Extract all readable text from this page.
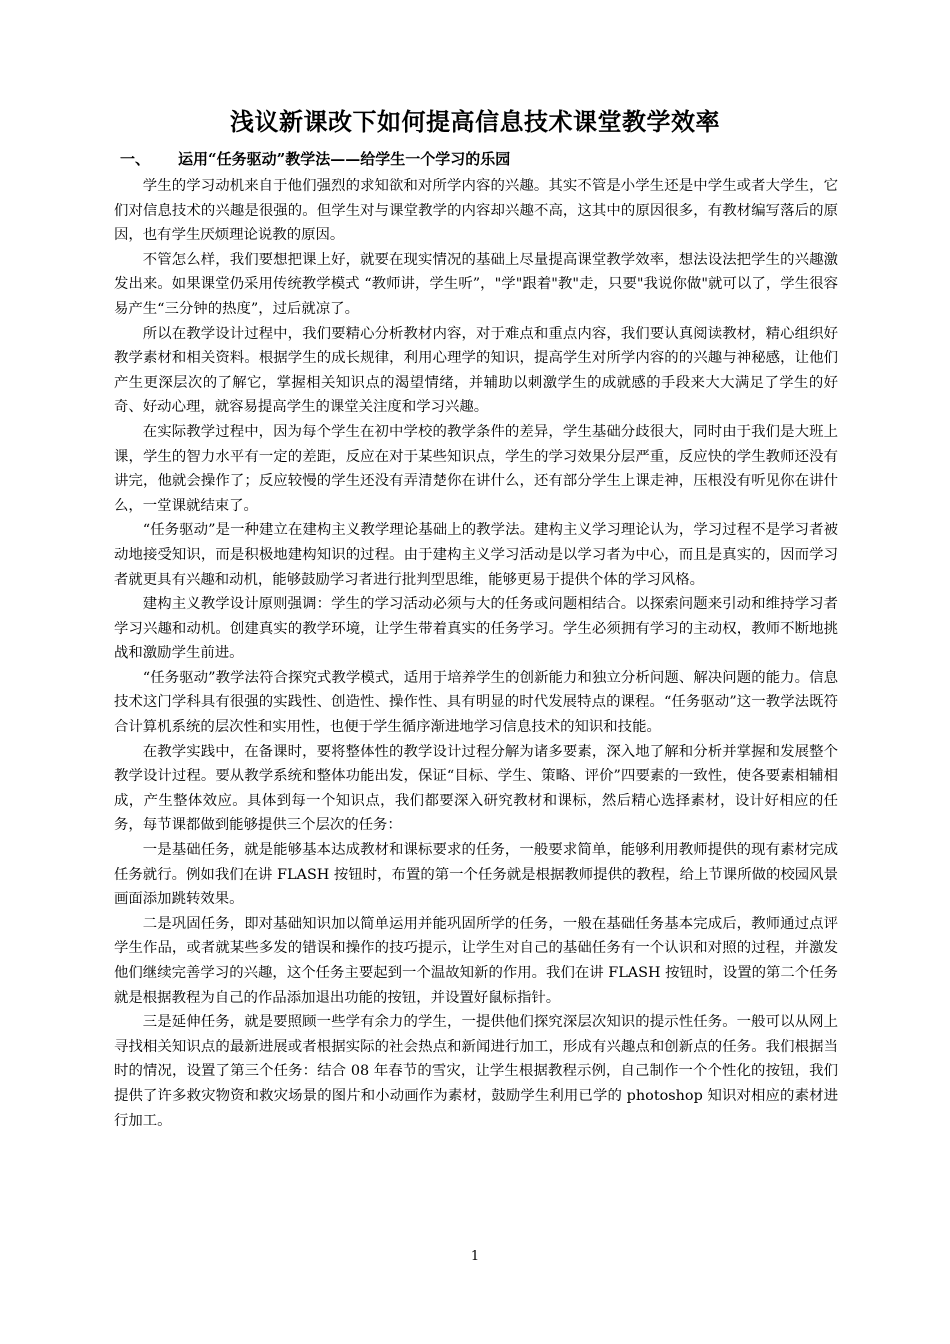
浅议新课改下如何提高信息技术课堂教学效率
一、 运用“任务驱动”教学法——给学生一个学习的乐园

学生的学习动机来自于他们强烈的求知欲和对所学内容的兴趣。其实不管是小学生还是中学生或者大学生，它们对信息技术的兴趣是很强的。但学生对与课堂教学的内容却兴趣不高，这其中的原因很多，有教材编写落后的原因，也有学生厌烦理论说教的原因。

不管怎么样，我们要想把课上好，就要在现实情况的基础上尽量提高课堂教学效率，想法设法把学生的兴趣激发出来。如果课堂仍采用传统教学模式 “教师讲，学生听”，"学"跟着"教"走，只要"我说你做"就可以了，学生很容易产生“三分钟的热度”，过后就凉了。

所以在教学设计过程中，我们要精心分析教材内容，对于难点和重点内容，我们要认真阅读教材，精心组织好教学素材和相关资料。根据学生的成长规律，利用心理学的知识，提高学生对所学内容的的兴趣与神秘感，让他们产生更深层次的了解它，掌握相关知识点的渴望情绪，并辅助以刺激学生的成就感的手段来大大满足了学生的好奇、好动心理，就容易提高学生的课堂关注度和学习兴趣。

在实际教学过程中，因为每个学生在初中学校的教学条件的差异，学生基础分歧很大，同时由于我们是大班上课，学生的智力水平有一定的差距，反应在对于某些知识点，学生的学习效果分层严重，反应快的学生教师还没有讲完，他就会操作了；反应较慢的学生还没有弄清楚你在讲什么，还有部分学生上课走神，压根没有听见你在讲什么，一堂课就结束了。

“任务驱动”是一种建立在建构主义教学理论基础上的教学法。建构主义学习理论认为，学习过程不是学习者被动地接受知识，而是积极地建构知识的过程。由于建构主义学习活动是以学习者为中心，而且是真实的，因而学习者就更具有兴趣和动机，能够鼓励学习者进行批判型思维，能够更易于提供个体的学习风格。

建构主义教学设计原则强调：学生的学习活动必须与大的任务或问题相结合。以探索问题来引动和维持学习者学习兴趣和动机。创建真实的教学环境，让学生带着真实的任务学习。学生必须拥有学习的主动权，教师不断地挑战和激励学生前进。

“任务驱动”教学法符合探究式教学模式，适用于培养学生的创新能力和独立分析问题、解决问题的能力。信息技术这门学科具有很强的实践性、创造性、操作性、具有明显的时代发展特点的课程。“任务驱动”这一教学法既符合计算机系统的层次性和实用性，也便于学生循序渐进地学习信息技术的知识和技能。

在教学实践中，在备课时，要将整体性的教学设计过程分解为诸多要素，深入地了解和分析并掌握和发展整个教学设计过程。要从教学系统和整体功能出发，保证“目标、学生、策略、评价”四要素的一致性，使各要素相辅相成，产生整体效应。具体到每一个知识点，我们都要深入研究教材和课标，然后精心选择素材，设计好相应的任务，每节课都做到能够提供三个层次的任务：

一是基础任务，就是能够基本达成教材和课标要求的任务，一般要求简单，能够利用教师提供的现有素材完成任务就行。例如我们在讲 FLASH 按钮时，布置的第一个任务就是根据教师提供的教程，给上节课所做的校园风景画面添加跳转效果。

二是巩固任务，即对基础知识加以简单运用并能巩固所学的任务，一般在基础任务基本完成后，教师通过点评学生作品，或者就某些多发的错误和操作的技巧提示，让学生对自己的基础任务有一个认识和对照的过程，并激发他们继续完善学习的兴趣，这个任务主要起到一个温故知新的作用。我们在讲 FLASH 按钮时，设置的第二个任务就是根据教程为自己的作品添加退出功能的按钮，并设置好鼠标指针。

三是延伸任务，就是要照顾一些学有余力的学生，一提供他们探究深层次知识的提示性任务。一般可以从网上寻找相关知识点的最新进展或者根据实际的社会热点和新闻进行加工，形成有兴趣点和创新点的任务。我们根据当时的情况，设置了第三个任务：结合 08 年春节的雪灾，让学生根据教程示例，自己制作一个个性化的按钮，我们提供了许多救灾物资和救灾场景的图片和小动画作为素材，鼓励学生利用已学的 photoshop 知识对相应的素材进行加工。

1
